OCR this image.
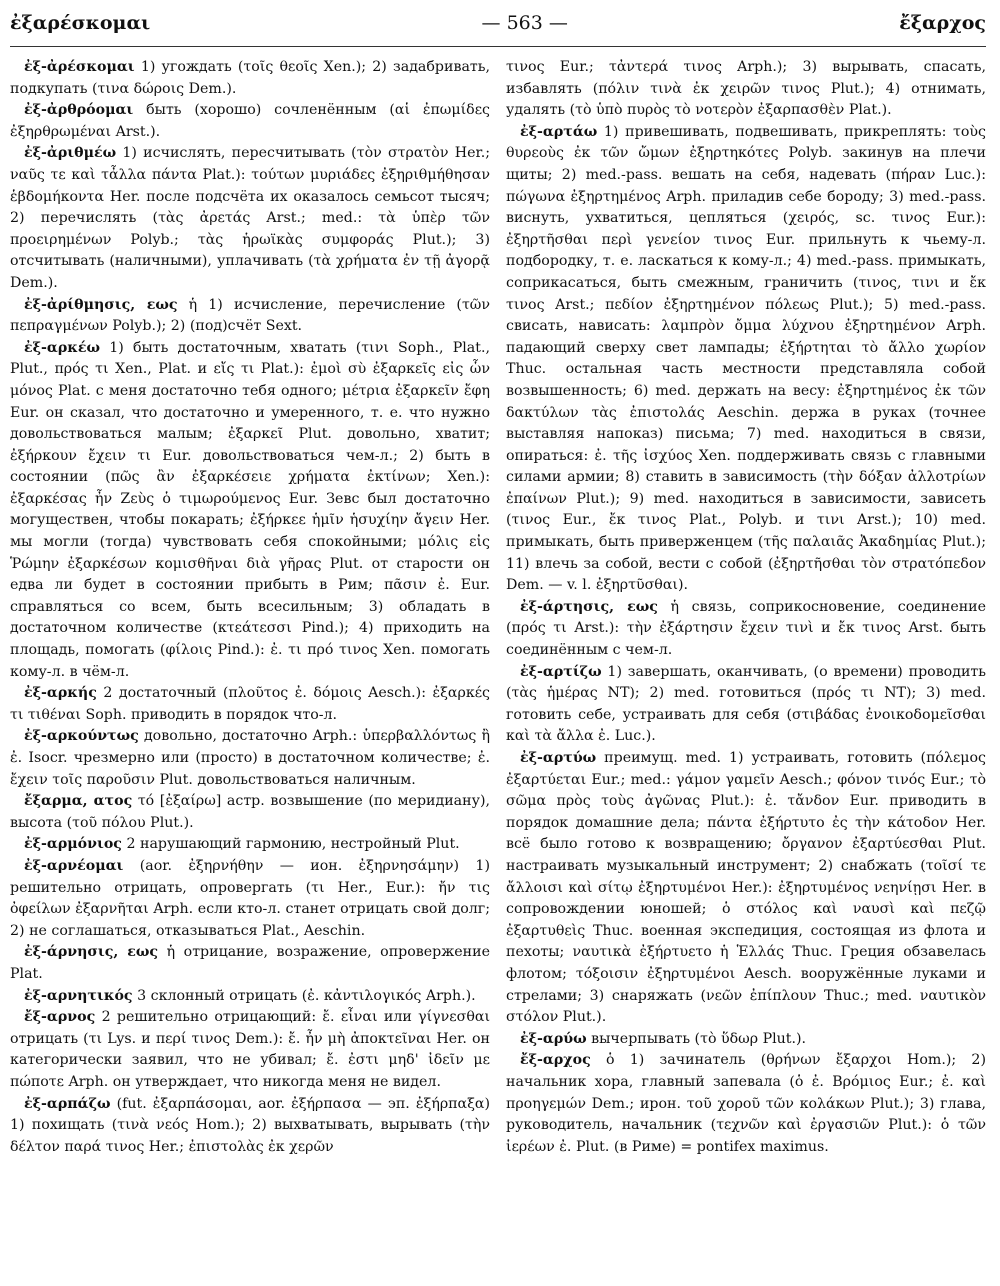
ἐξαρέσκομαι	— 563 —	ἔξαρχος

ἐξ-ἀρέσκομαι 1) угождать (τοῖς θεοῖς Xen.); 2) задабривать, подкупать (τινα δώροις Dem.).

ἐξ-ἀρθρόομαι быть (хорошо) сочленённым (αἱ ἐπωμίδες ἐξηρθρωμέναι Arst.).

ἐξ-ἀριθμέω 1) исчислять, пересчитывать (τὸν στρατὸν Her.; ναῦς τε καὶ τἆλλα πάντα Plat.): τούτων μυριάδες ἐξηριθμήθησαν ἑβδομήκοντα Her. после подсчёта их оказалось семьсот тысяч; 2) перечислять (τὰς ἀρετάς Arst.; med.: τὰ ὑπὲρ τῶν προειρημένων Polyb.; τὰς ἡρωϊκὰς συμφοράς Plut.); 3) отсчитывать (наличными), уплачивать (τὰ χρήματα ἐν τῇ ἀγορᾷ Dem.).

ἐξ-ἀρίθμησις, εως ἡ 1) исчисление, перечисление (τῶν πεπραγμένων Polyb.); 2) (под)счёт Sext.

ἐξ-αρκέω 1) быть достаточным, хватать (τινι Soph., Plat., Plut., πρός τι Xen., Plat. и εἴς τι Plat.): ἐμοὶ σὺ ἐξαρκεῖς εἰς ὧν μόνος Plat. с меня достаточно тебя одного; μέτρια ἐξαρκεῖν ἔφη Eur. он сказал, что достаточно и умеренного, т. е. что нужно довольствоваться малым; ἐξαρκεῖ Plut. довольно, хватит; ἐξήρκουν ἔχειν τι Eur. довольствоваться чем-л.; 2) быть в состоянии (πῶς ἂν ἐξαρκέσειε χρήματα ἐκτίνων; Xen.): ἐξαρκέσας ἦν Ζεὺς ὁ τιμωρούμενος Eur. Зевс был достаточно могуществен, чтобы покарать; ἐξήρκεε ἡμῖν ἡσυχίην ἄγειν Her. мы могли (тогда) чувствовать себя спокойными; μόλις εἰς Ῥώμην ἐξαρκέσων κομισθῆναι διὰ γῆρας Plut. от старости он едва ли будет в состоянии прибыть в Рим; πᾶσιν ἐ. Eur. справляться со всем, быть всесильным; 3) обладать в достаточном количестве (κτεάτεσσι Pind.); 4) приходить на площадь, помогать (φίλοις Pind.): ἐ. τι πρό τινος Xen. помогать кому-л. в чём-л.

ἐξ-αρκής 2 достаточный (πλοῦτος ἐ. δόμοις Aesch.): ἐξαρκές τι τιθέναι Soph. приводить в порядок что-л.

ἐξ-αρκούντως довольно, достаточно Arph.: ὑπερβαλλόντως ἢ ἐ. Isocr. чрезмерно или (просто) в достаточном количестве; ἐ. ἔχειν τοῖς παροῦσιν Plut. довольствоваться наличным.

ἔξαρμα, ατος τό [ἐξαίρω] астр. возвышение (по меридиану), высота (τοῦ πόλου Plut.).

ἐξ-αρμόνιος 2 нарушающий гармонию, нестройный Plut.

ἐξ-αρνέομαι (aor. ἐξηρνήθην — ион. ἐξηρνησάμην) 1) решительно отрицать, опровергать (τι Her., Eur.): ἤν τις ὀφείλων ἐξαρνῆται Arph. если кто-л. станет отрицать свой долг; 2) не соглашаться, отказываться Plat., Aeschin.

ἐξ-άρνησις, εως ἡ отрицание, возражение, опровержение Plat.

ἐξ-αρνητικός 3 склонный отрицать (ἐ. κἀντιλογικός Arph.).

ἔξ-αρνος 2 решительно отрицающий: ἔ. εἶναι или γίγνεσθαι отрицать (τι Lys. и περί τινος Dem.): ἔ. ἦν μὴ ἀποκτεῖναι Her. он категорически заявил, что не убивал; ἔ. ἐστι μηδ' ἰδεῖν με πώποτε Arph. он утверждает, что никогда меня не видел.

ἐξ-αρπάζω (fut. ἐξαρπάσομαι, aor. ἐξήρπασα — эп. ἐξήρπαξα) 1) похищать (τινὰ νεός Hom.); 2) выхватывать, вырывать (τὴν δέλτον παρά τινος Her.; ἐπιστολὰς ἐκ χερῶν

τινος Eur.; τἀντερά τινος Arph.); 3) вырывать, спасать, избавлять (πόλιν τινὰ ἐκ χειρῶν τινος Plut.); 4) отнимать, удалять (τὸ ὑπὸ πυρὸς τὸ νοτερὸν ἐξαρπασθὲν Plat.).

ἐξ-αρτάω 1) привешивать, подвешивать, прикреплять: τοὺς θυρεοὺς ἐκ τῶν ὤμων ἐξηρτηκότες Polyb. закинув на плечи щиты; 2) med.-pass. вешать на себя, надевать (πήραν Luc.): πώγωνα ἐξηρτημένος Arph. приладив себе бороду; 3) med.-pass. виснуть, ухватиться, цепляться (χειρός, sc. τινος Eur.): ἐξηρτῆσθαι περὶ γενείον τινος Eur. прильнуть к чьему-л. подбородку, т. е. ласкаться к кому-л.; 4) med.-pass. примыкать, соприкасаться, быть смежным, граничить (τινος, τινι и ἔκ τινος Arst.; πεδίον ἐξηρτημένον πόλεως Plut.); 5) med.-pass. свисать, нависать: λαμπρὸν ὄμμα λύχνου ἐξηρτημένον Arph. падающий сверху свет лампады; ἐξήρτηται τὸ ἄλλο χωρίον Thuc. остальная часть местности представляла собой возвышенность; 6) med. держать на весу: ἐξηρτημένος ἐκ τῶν δακτύλων τὰς ἐπιστολάς Aeschin. держа в руках (точнее выставляя напоказ) письма; 7) med. находиться в связи, опираться: ἐ. τῆς ἰσχύος Xen. поддерживать связь с главными силами армии; 8) ставить в зависимость (τὴν δόξαν ἀλλοτρίων ἐπαίνων Plut.); 9) med. находиться в зависимости, зависеть (τινος Eur., ἔκ τινος Plat., Polyb. и τινι Arst.); 10) med. примыкать, быть приверженцем (τῆς παλαιᾶς Ἀκαδημίας Plut.); 11) влечь за собой, вести с собой (ἐξηρτῆσθαι τὸν στρατόπεδον Dem. — v. l. ἐξηρτῦσθαι).

ἐξ-άρτησις, εως ἡ связь, соприкосновение, соединение (πρός τι Arst.): τὴν ἐξάρτησιν ἔχειν τινὶ и ἔκ τινος Arst. быть соединённым с чем-л.

ἐξ-αρτίζω 1) завершать, оканчивать, (о времени) проводить (τὰς ἡμέρας NT); 2) med. готовиться (πρός τι NT); 3) med. готовить себе, устраивать для себя (στιβάδας ἐνοικοδομεῖσθαι καὶ τὰ ἄλλα ἐ. Luc.).

ἐξ-αρτύω преимущ. med. 1) устраивать, готовить (πόλεμος ἐξαρτύεται Eur.; med.: γάμον γαμεῖν Aesch.; φόνον τινός Eur.; τὸ σῶμα πρὸς τοὺς ἀγῶνας Plut.): ἐ. τἄνδον Eur. приводить в порядок домашние дела; πάντα ἐξήρτυτο ἐς τὴν κάτοδον Her. всё было готово к возвращению; ὄργανον ἐξαρτύεσθαι Plut. настраивать музыкальный инструмент; 2) снабжать (τοῖσί τε ἄλλοισι καὶ σίτῳ ἐξηρτυμένοι Her.): ἐξηρτυμένος νεηνίῃσι Her. в сопровождении юношей; ὁ στόλος καὶ ναυσὶ καὶ πεζῷ ἐξαρτυθεὶς Thuc. военная экспедиция, состоящая из флота и пехоты; ναυτικὰ ἐξήρτυετο ἡ Ἑλλάς Thuc. Греция обзавелась флотом; τόξοισιν ἐξηρτυμένοι Aesch. вооружённые луками и стрелами; 3) снаряжать (νεῶν ἐπίπλουν Thuc.; med. ναυτικὸν στόλον Plut.).

ἐξ-αρύω вычерпывать (τὸ ὕδωρ Plut.).

ἔξ-αρχος ὁ 1) зачинатель (θρήνων ἔξαρχοι Hom.); 2) начальник хора, главный запевала (ὁ ἐ. Βρόμιος Eur.; ἐ. καὶ προηγεμών Dem.; ирон. τοῦ χοροῦ τῶν κολάκων Plut.); 3) глава, руководитель, начальник (τεχνῶν καὶ ἐργασιῶν Plut.): ὁ τῶν ἱερέων ἐ. Plut. (в Риме) = pontifex maximus.
